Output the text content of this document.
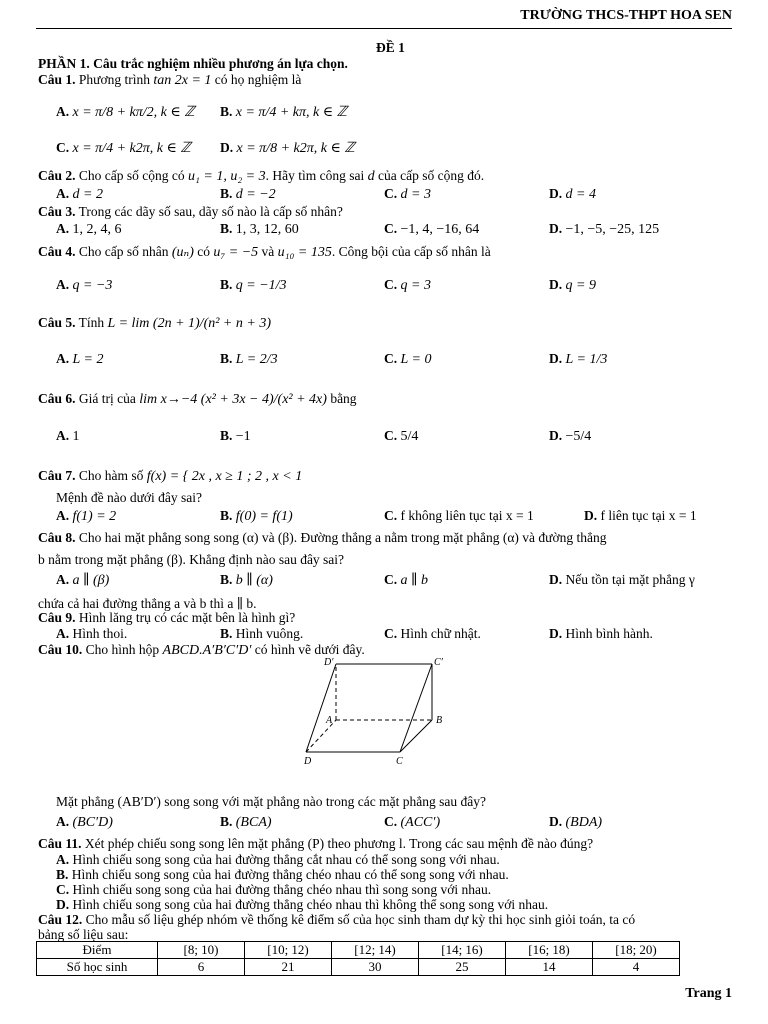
TRƯỜNG THCS-THPT HOA SEN
ĐỀ 1
PHẦN 1. Câu trắc nghiệm nhiều phương án lựa chọn.
Câu 1. Phương trình tan 2x = 1 có họ nghiệm là
A. x = π/8 + kπ/2, k ∈ ℤ B. x = π/4 + kπ, k ∈ ℤ
C. x = π/4 + k2π, k ∈ ℤ D. x = π/8 + k2π, k ∈ ℤ
Câu 2. Cho cấp số cộng có u₁ = 1, u₂ = 3. Hãy tìm công sai d của cấp số cộng đó.
A. d = 2	B. d = −2	C. d = 3	D. d = 4
Câu 3. Trong các dãy số sau, dãy số nào là cấp số nhân?
A. 1, 2, 4, 6	B. 1, 3, 12, 60	C. −1, 4, −16, 64	D. −1, −5, −25, 125
Câu 4. Cho cấp số nhân (uₙ) có u₇ = −5 và u₁₀ = 135. Công bội của cấp số nhân là
A. q = −3	B. q = −1/3	C. q = 3	D. q = 9
Câu 5. Tính L = lim (2n + 1)/(n² + n + 3)
A. L = 2	B. L = 2/3	C. L = 0	D. L = 1/3
Câu 6. Giá trị của lim x→−4 (x² + 3x − 4)/(x² + 4x) bằng
A. 1	B. −1	C. 5/4	D. −5/4
Câu 7. Cho hàm số f(x) = { 2x , x ≥ 1 ; 2 , x < 1
Mệnh đề nào dưới đây sai?
A. f(1) = 2	B. f(0) = f(1)	C. f không liên tục tại x = 1	D. f liên tục tại x = 1
Câu 8. Cho hai mặt phẳng song song (α) và (β). Đường thẳng a nằm trong mặt phẳng (α) và đường thẳng
b nằm trong mặt phẳng (β). Khẳng định nào sau đây sai?
A. a ∥ (β)	B. b ∥ (α)	C. a ∥ b	D. Nếu tồn tại mặt phẳng γ
chứa cả hai đường thẳng a và b thì a ∥ b.
Câu 9. Hình lăng trụ có các mặt bên là hình gì?
A. Hình thoi.	B. Hình vuông.	C. Hình chữ nhật.	D. Hình bình hành.
Câu 10. Cho hình hộp ABCD.A′B′C′D′ có hình vẽ dưới đây.
D′	C′
A	B
D	C
Mặt phẳng (AB′D′) song song với mặt phẳng nào trong các mặt phẳng sau đây?
A. (BC′D)	B. (BCA)	C. (ACC′)	D. (BDA)
Câu 11. Xét phép chiếu song song lên mặt phẳng (P) theo phương l. Trong các sau mệnh đề nào đúng?
A. Hình chiếu song song của hai đường thẳng cắt nhau có thể song song với nhau.
B. Hình chiếu song song của hai đường thẳng chéo nhau có thể song song với nhau.
C. Hình chiếu song song của hai đường thẳng chéo nhau thì song song với nhau.
D. Hình chiếu song song của hai đường thẳng chéo nhau thì không thể song song với nhau.
Câu 12. Cho mẫu số liệu ghép nhóm về thống kê điểm số của học sinh tham dự kỳ thi học sinh giỏi toán, ta có
bảng số liệu sau:
Điểm	[8; 10)	[10; 12)	[12; 14)	[14; 16)	[16; 18)	[18; 20)
Số học sinh	6	21	30	25	14	4
Trang 1
